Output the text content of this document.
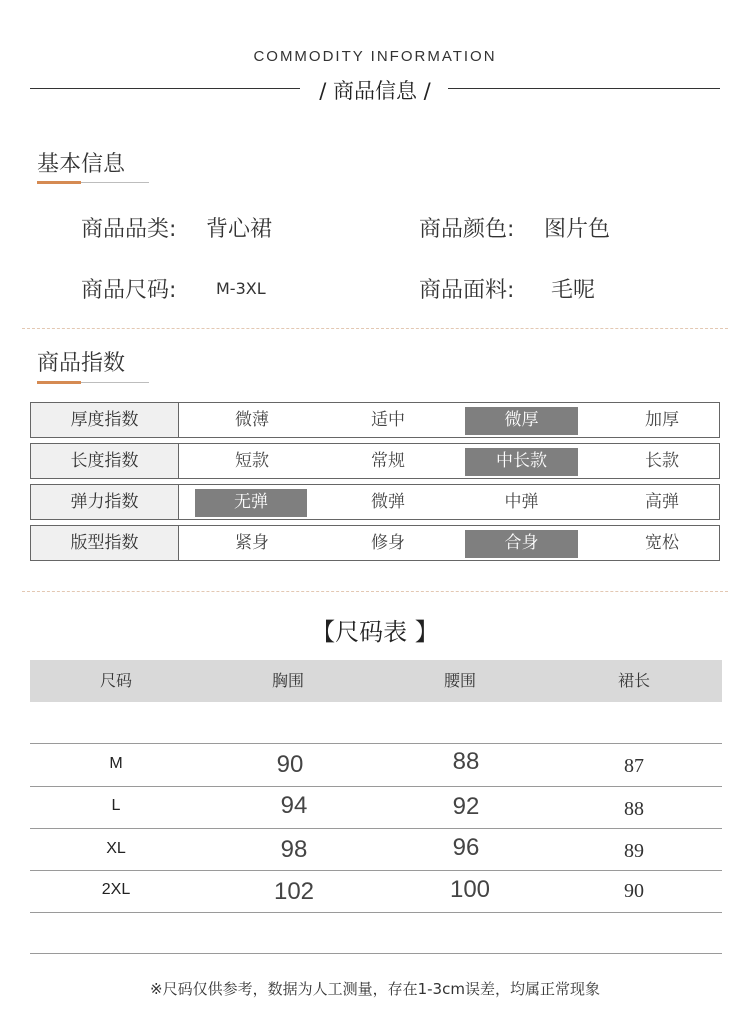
COMMODITY INFORMATION
/ 商品信息 /
基本信息
商品品类: 背心裙	商品颜色: 图片色
商品尺码: M-3XL	商品面料: 毛呢
商品指数
厚度指数	微薄	适中	微厚	加厚
长度指数	短款	常规	中长款	长款
弹力指数	无弹	微弹	中弹	高弹
版型指数	紧身	修身	合身	宽松
【尺码表 】
尺码	胸围	腰围	裙长
M	90	88	87
L	94	92	88
XL	98	96	89
2XL	102	100	90
※尺码仅供参考，数据为人工测量，存在1-3cm误差，均属正常现象
